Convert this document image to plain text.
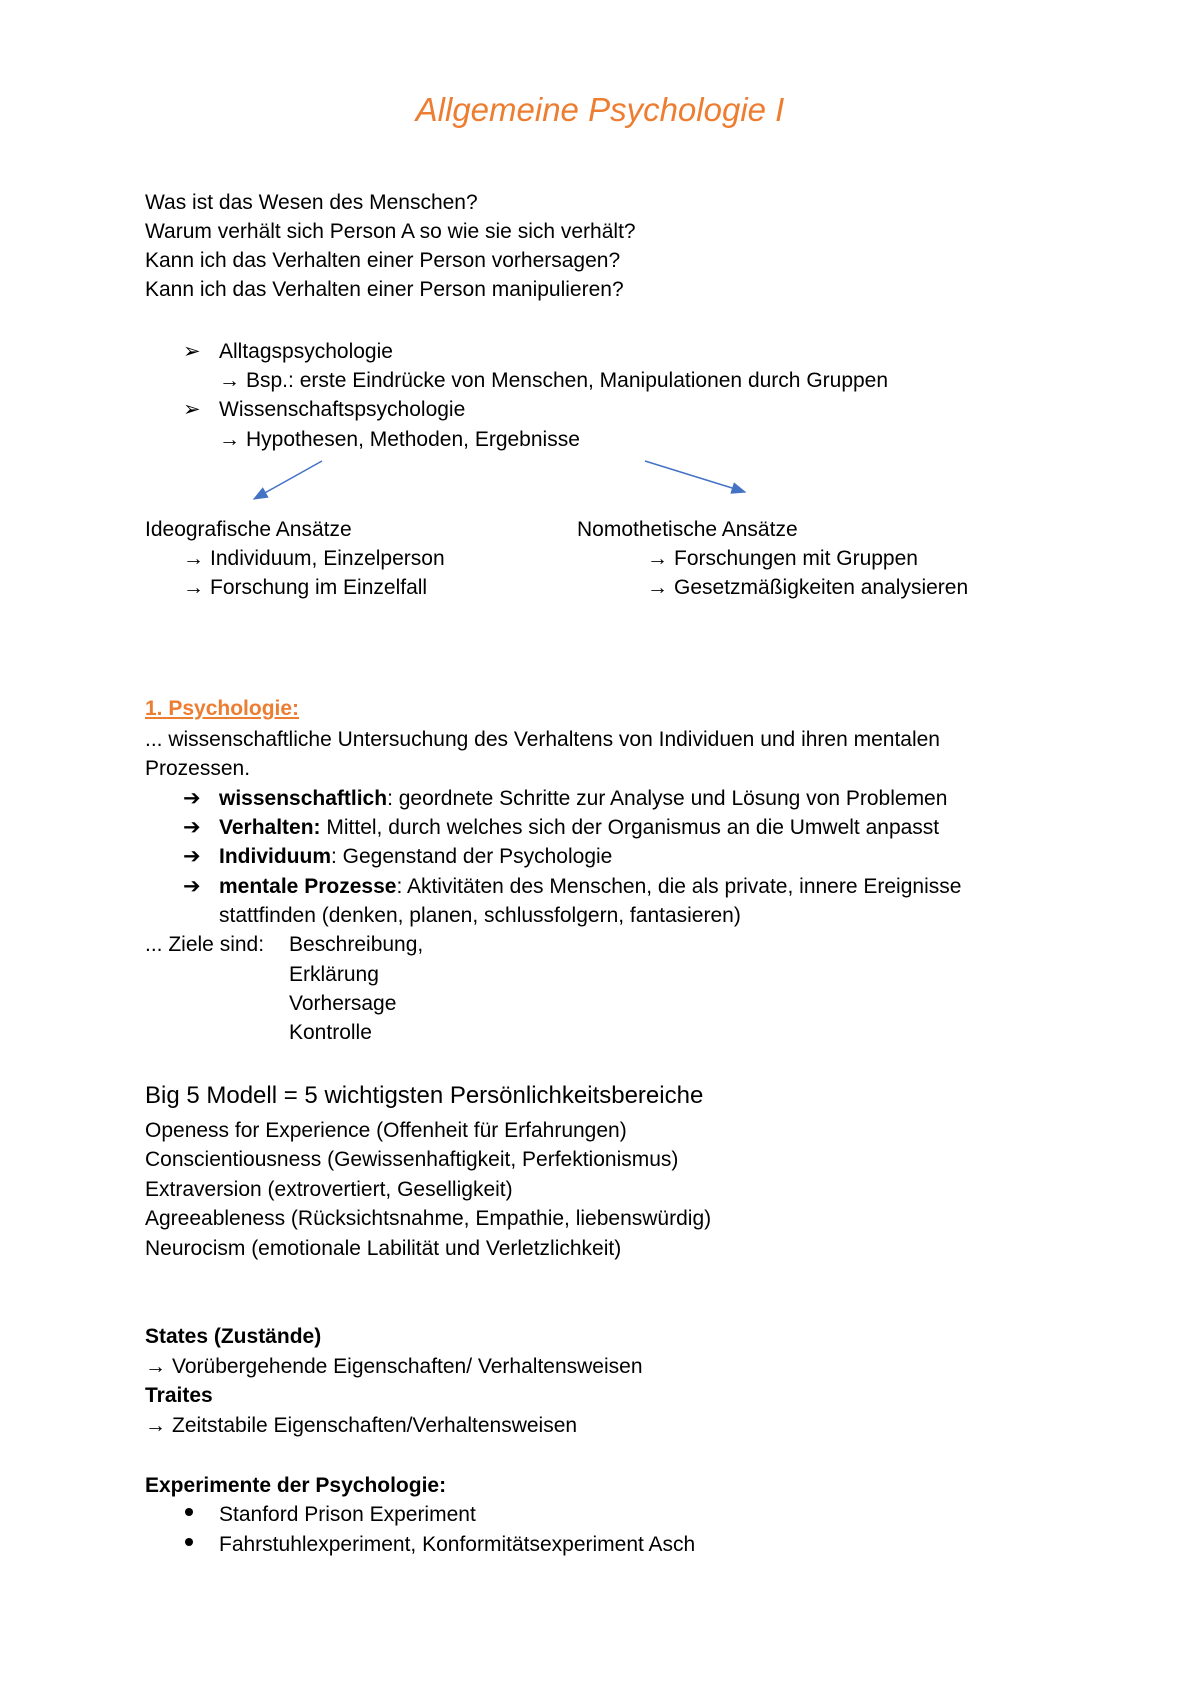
Allgemeine Psychologie I
Was ist das Wesen des Menschen?
Warum verhält sich Person A so wie sie sich verhält?
Kann ich das Verhalten einer Person vorhersagen?
Kann ich das Verhalten einer Person manipulieren?
➢ Alltagspsychologie
→ Bsp.: erste Eindrücke von Menschen, Manipulationen durch Gruppen
➢ Wissenschaftspsychologie
→ Hypothesen, Methoden, Ergebnisse
Ideografische Ansätze
→ Individuum, Einzelperson
→ Forschung im Einzelfall
Nomothetische Ansätze
→ Forschungen mit Gruppen
→ Gesetzmäßigkeiten analysieren
1. Psychologie:
... wissenschaftliche Untersuchung des Verhaltens von Individuen und ihren mentalen
Prozessen.
➔ wissenschaftlich: geordnete Schritte zur Analyse und Lösung von Problemen
➔ Verhalten: Mittel, durch welches sich der Organismus an die Umwelt anpasst
➔ Individuum: Gegenstand der Psychologie
➔ mentale Prozesse: Aktivitäten des Menschen, die als private, innere Ereignisse
stattfinden (denken, planen, schlussfolgern, fantasieren)
... Ziele sind: Beschreibung,
Erklärung
Vorhersage
Kontrolle
Big 5 Modell = 5 wichtigsten Persönlichkeitsbereiche
Openess for Experience (Offenheit für Erfahrungen)
Conscientiousness (Gewissenhaftigkeit, Perfektionismus)
Extraversion (extrovertiert, Geselligkeit)
Agreeableness (Rücksichtsnahme, Empathie, liebenswürdig)
Neurocism (emotionale Labilität und Verletzlichkeit)
States (Zustände)
→ Vorübergehende Eigenschaften/ Verhaltensweisen
Traites
→ Zeitstabile Eigenschaften/Verhaltensweisen
Experimente der Psychologie:
Stanford Prison Experiment
Fahrstuhlexperiment, Konformitätsexperiment Asch
